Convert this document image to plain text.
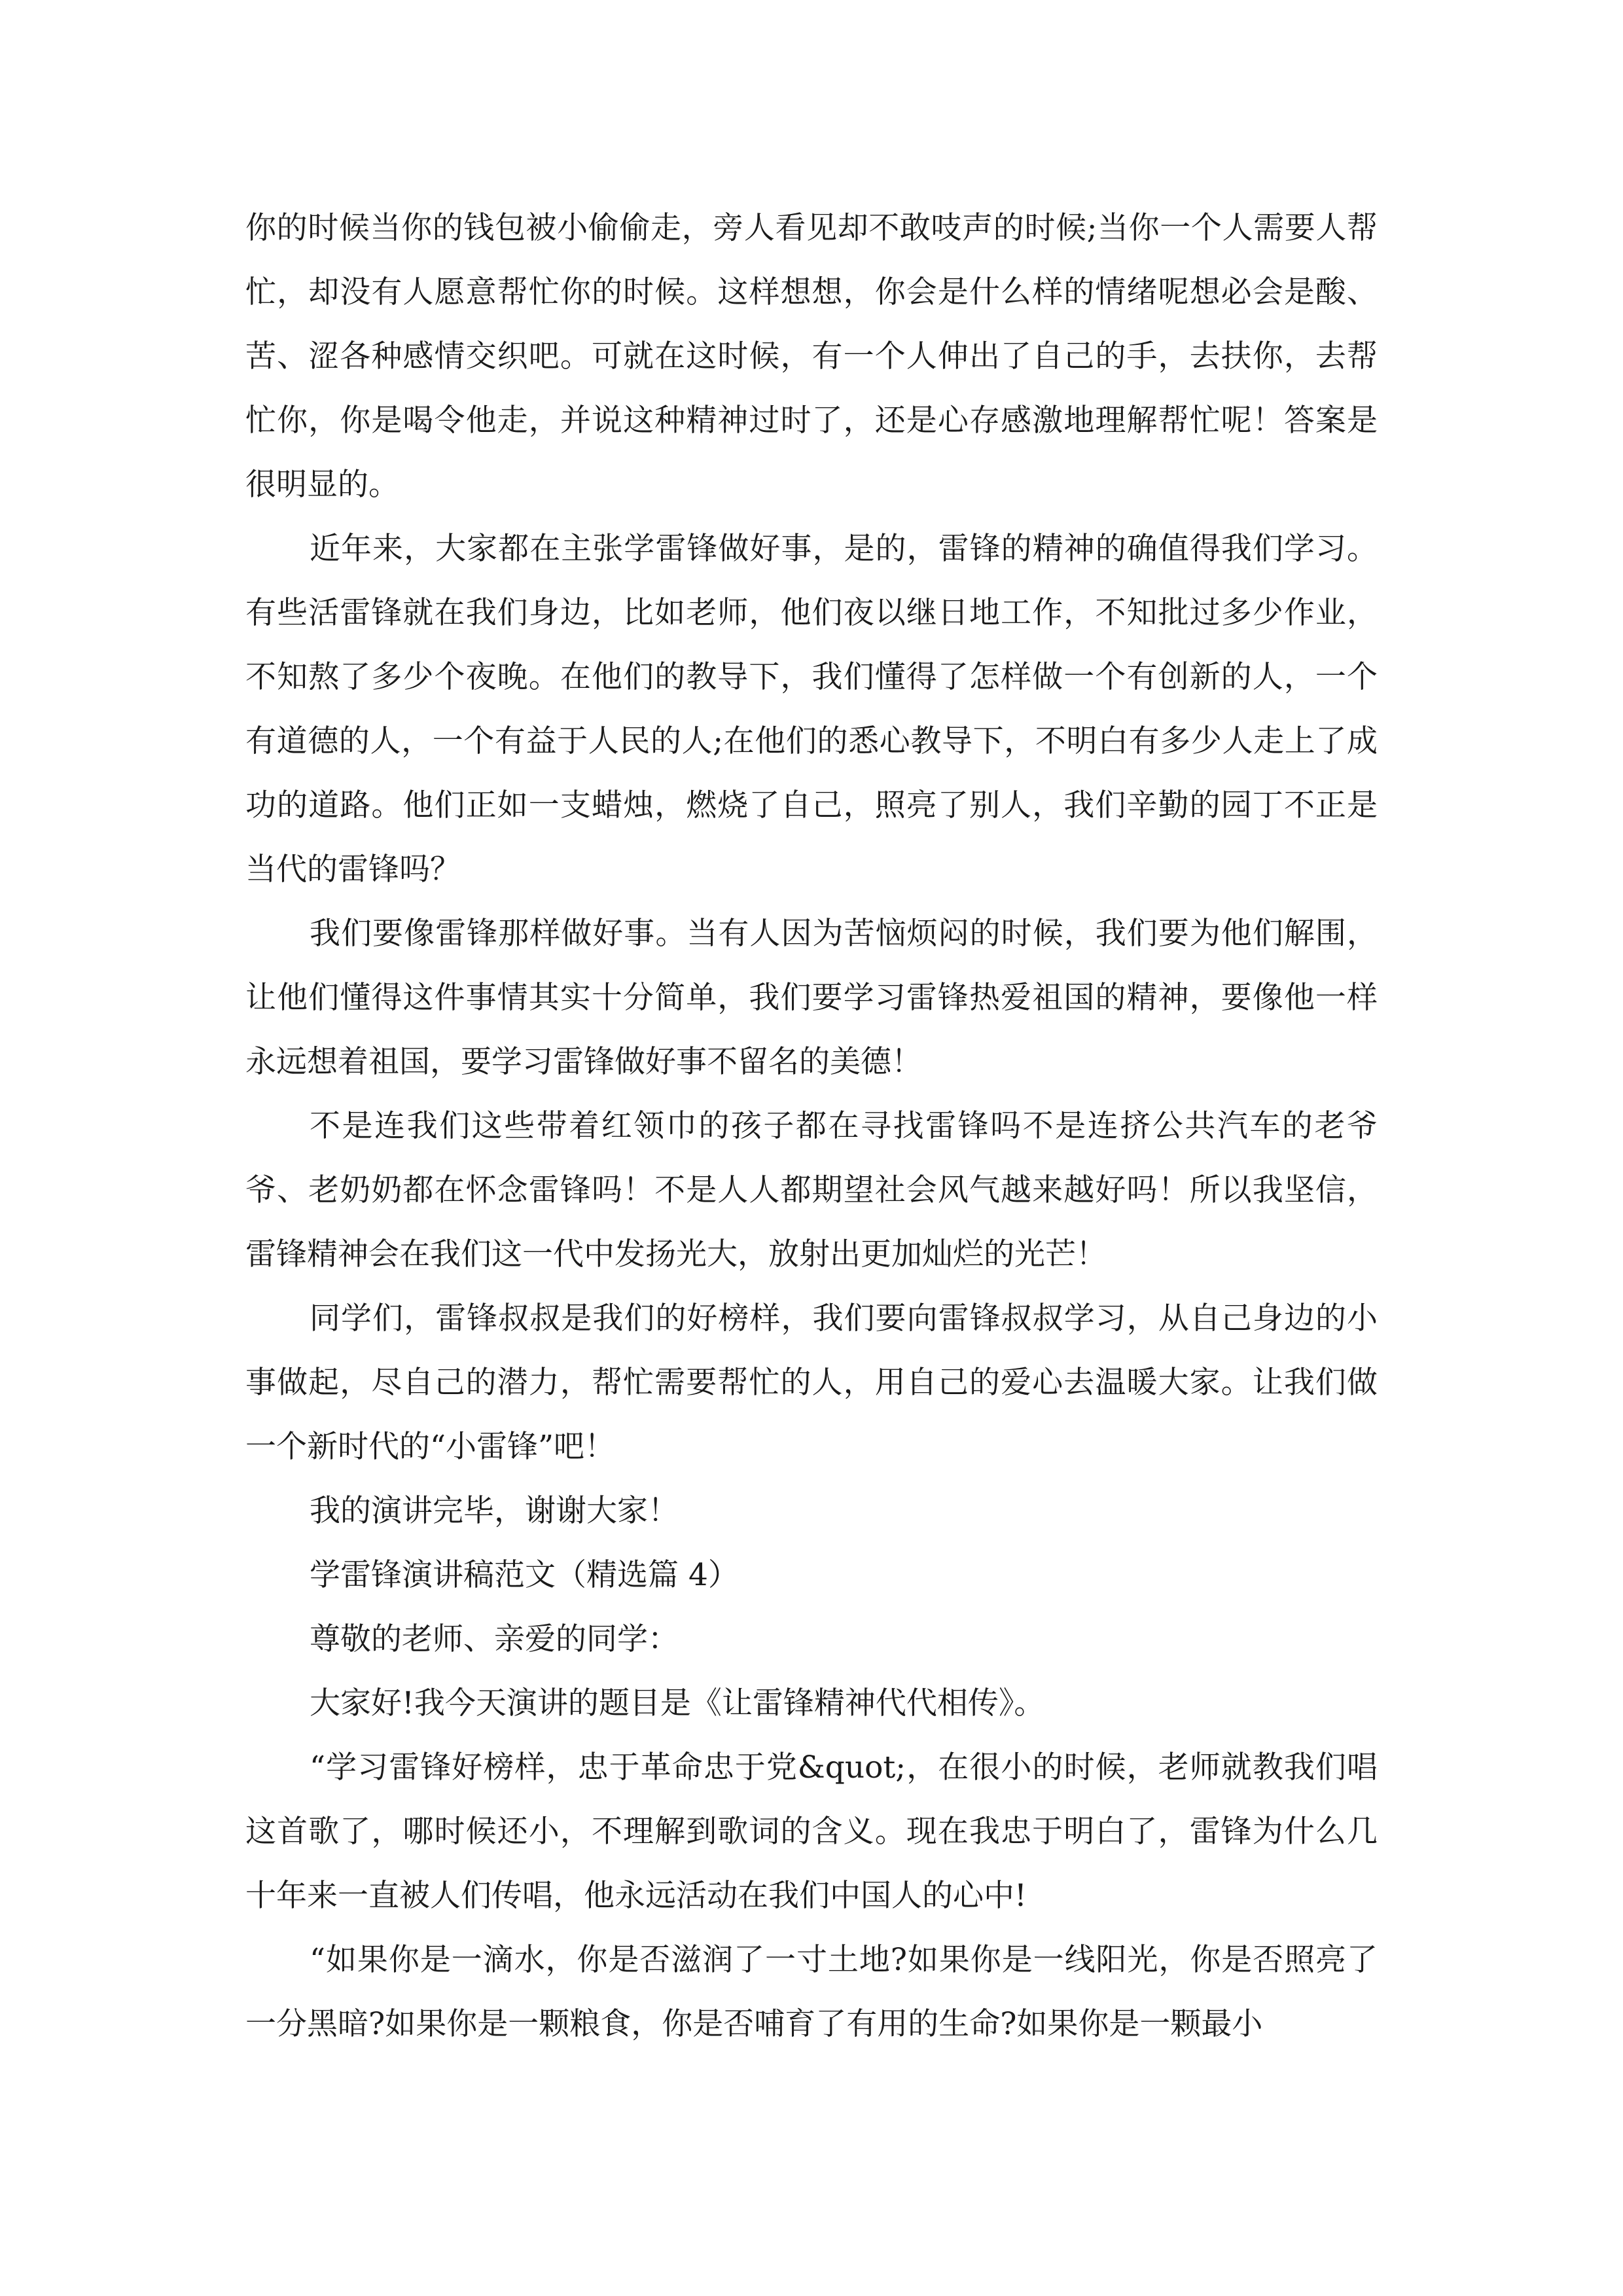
你的时候当你的钱包被小偷偷走，旁人看见却不敢吱声的时候;当你一个人需要人帮忙，却没有人愿意帮忙你的时候。这样想想，你会是什么样的情绪呢想必会是酸、苦、涩各种感情交织吧。可就在这时候，有一个人伸出了自己的手，去扶你，去帮忙你，你是喝令他走，并说这种精神过时了，还是心存感激地理解帮忙呢！答案是很明显的。

近年来，大家都在主张学雷锋做好事，是的，雷锋的精神的确值得我们学习。有些活雷锋就在我们身边，比如老师，他们夜以继日地工作，不知批过多少作业，不知熬了多少个夜晚。在他们的教导下，我们懂得了怎样做一个有创新的人，一个有道德的人，一个有益于人民的人;在他们的悉心教导下，不明白有多少人走上了成功的道路。他们正如一支蜡烛，燃烧了自己，照亮了别人，我们辛勤的园丁不正是当代的雷锋吗？

我们要像雷锋那样做好事。当有人因为苦恼烦闷的时候，我们要为他们解围，让他们懂得这件事情其实十分简单，我们要学习雷锋热爱祖国的精神，要像他一样永远想着祖国，要学习雷锋做好事不留名的美德！

不是连我们这些带着红领巾的孩子都在寻找雷锋吗不是连挤公共汽车的老爷爷、老奶奶都在怀念雷锋吗！不是人人都期望社会风气越来越好吗！所以我坚信，雷锋精神会在我们这一代中发扬光大，放射出更加灿烂的光芒！

同学们，雷锋叔叔是我们的好榜样，我们要向雷锋叔叔学习，从自己身边的小事做起，尽自己的潜力，帮忙需要帮忙的人，用自己的爱心去温暖大家。让我们做一个新时代的“小雷锋”吧！

我的演讲完毕，谢谢大家！

学雷锋演讲稿范文（精选篇 4）

尊敬的老师、亲爱的同学：

大家好!我今天演讲的题目是《让雷锋精神代代相传》。

“学习雷锋好榜样，忠于革命忠于党&quot;，在很小的时候，老师就教我们唱这首歌了，哪时候还小，不理解到歌词的含义。现在我忠于明白了，雷锋为什么几十年来一直被人们传唱，他永远活动在我们中国人的心中!

“如果你是一滴水，你是否滋润了一寸土地?如果你是一线阳光，你是否照亮了一分黑暗?如果你是一颗粮食，你是否哺育了有用的生命?如果你是一颗最小
